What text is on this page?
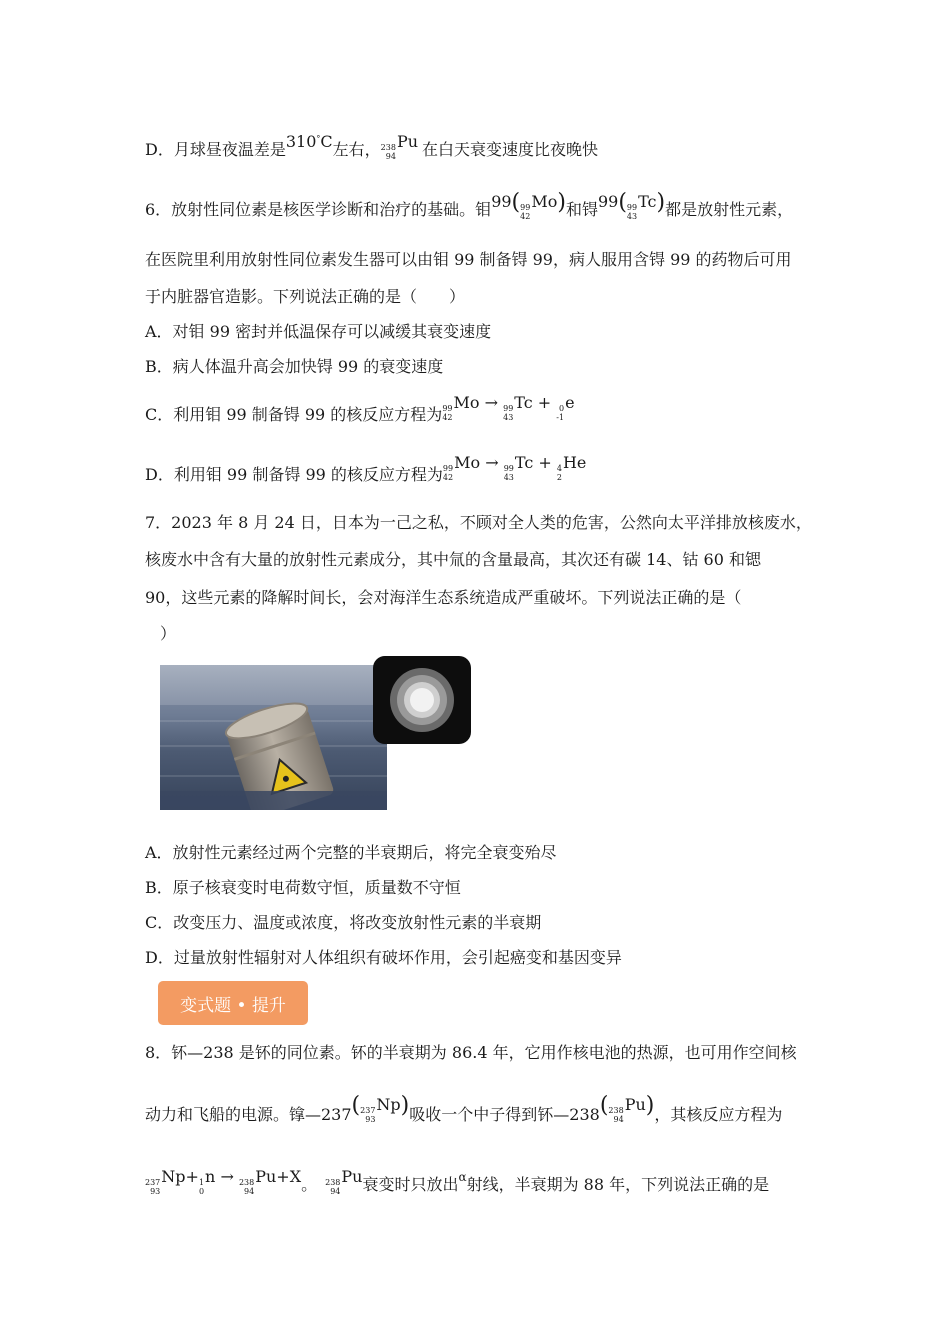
D．月球昼夜温差是310°C左右， 238
94
Pu 在白天衰变速度比夜晚快
6．放射性同位素是核医学诊断和治疗的基础。钼99( 99
42
Mo)和锝99( 99
43
Tc)都是放射性元素，
在医院里利用放射性同位素发生器可以由钼 99 制备锝 99，病人服用含锝 99 的药物后可用
于内脏器官造影。下列说法正确的是（　　）
A．对钼 99 密封并低温保存可以减缓其衰变速度
B．病人体温升高会加快锝 99 的衰变速度
C．利用钼 99 制备锝 99 的核反应方程为 99
42
Mo → 99
43
Tc + 0
-1
e
D．利用钼 99 制备锝 99 的核反应方程为 99
42
Mo → 99
43
Tc + 4
2
He
7．2023 年 8 月 24 日，日本为一己之私，不顾对全人类的危害，公然向太平洋排放核废水，
核废水中含有大量的放射性元素成分，其中氚的含量最高，其次还有碳 14、钴 60 和锶
90，这些元素的降解时间长，会对海洋生态系统造成严重破坏。下列说法正确的是（
）
A．放射性元素经过两个完整的半衰期后，将完全衰变殆尽
B．原子核衰变时电荷数守恒，质量数不守恒
C．改变压力、温度或浓度，将改变放射性元素的半衰期
D．过量放射性辐射对人体组织有破坏作用，会引起癌变和基因变异
变式题 • 提升
8．钚—238 是钚的同位素。钚的半衰期为 86.4 年，它用作核电池的热源，也可用作空间核
动力和飞船的电源。镎—237( 237
93
Np)吸收一个中子得到钚—238( 238
94
Pu)，其核反应方程为
237
93
Np+ 1
0
n → 238
94
Pu+X。 238
94
Pu衰变时只放出$^\alpha$射线，半衰期为 88 年，下列说法正确的是
